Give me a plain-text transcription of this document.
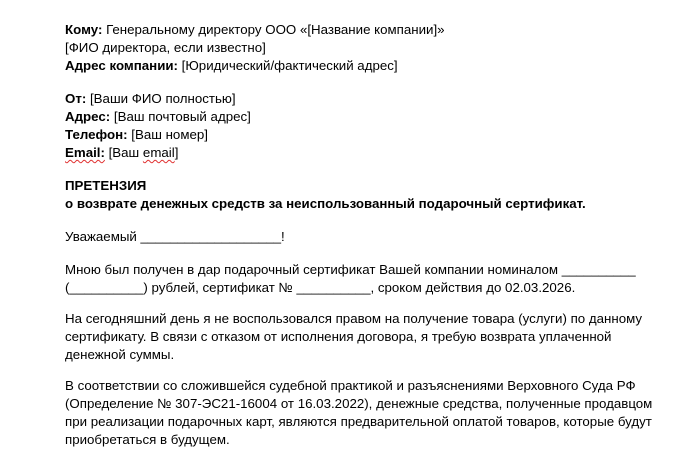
Кому: Генеральному директору ООО «[Название компании]»
[ФИО директора, если известно]
Адрес компании: [Юридический/фактический адрес]
От: [Ваши ФИО полностью]
Адрес: [Ваш почтовый адрес]
Телефон: [Ваш номер]
Email: [Ваш email]
ПРЕТЕНЗИЯ
о возврате денежных средств за неиспользованный подарочный сертификат.
Уважаемый ___________________!
Мною был получен в дар подарочный сертификат Вашей компании номиналом __________
(__________) рублей, сертификат № __________, сроком действия до 02.03.2026.
На сегодняшний день я не воспользовался правом на получение товара (услуги) по данному
сертификату. В связи с отказом от исполнения договора, я требую возврата уплаченной
денежной суммы.
В соответствии со сложившейся судебной практикой и разъяснениями Верховного Суда РФ
(Определение № 307-ЭС21-16004 от 16.03.2022), денежные средства, полученные продавцом
при реализации подарочных карт, являются предварительной оплатой товаров, которые будут
приобретаться в будущем.
